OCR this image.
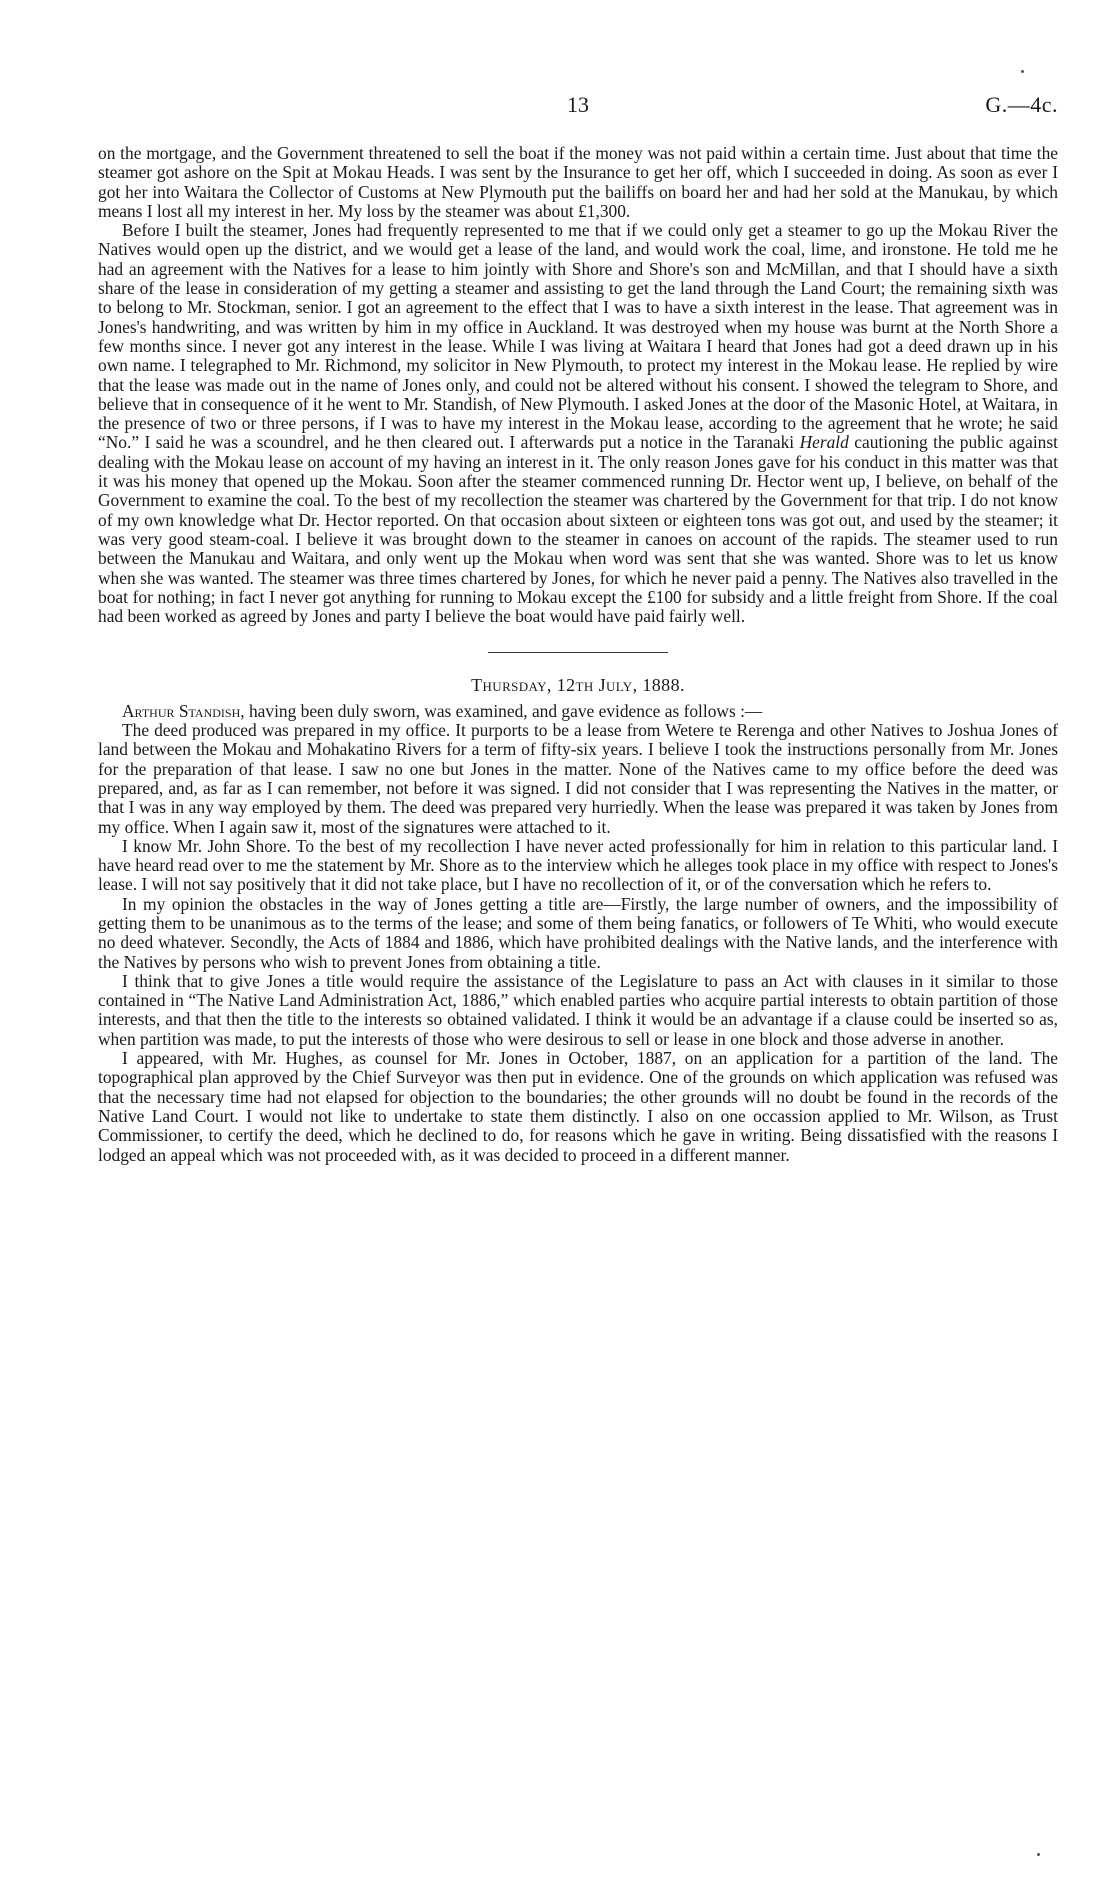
13	G.—4c.

on the mortgage, and the Government threatened to sell the boat if the money was not paid within a certain time. Just about that time the steamer got ashore on the Spit at Mokau Heads. I was sent by the Insurance to get her off, which I succeeded in doing. As soon as ever I got her into Waitara the Collector of Customs at New Plymouth put the bailiffs on board her and had her sold at the Manukau, by which means I lost all my interest in her. My loss by the steamer was about £1,300.

Before I built the steamer, Jones had frequently represented to me that if we could only get a steamer to go up the Mokau River the Natives would open up the district, and we would get a lease of the land, and would work the coal, lime, and ironstone. He told me he had an agreement with the Natives for a lease to him jointly with Shore and Shore's son and McMillan, and that I should have a sixth share of the lease in consideration of my getting a steamer and assisting to get the land through the Land Court; the remaining sixth was to belong to Mr. Stockman, senior. I got an agreement to the effect that I was to have a sixth interest in the lease. That agreement was in Jones's handwriting, and was written by him in my office in Auckland. It was destroyed when my house was burnt at the North Shore a few months since. I never got any interest in the lease. While I was living at Waitara I heard that Jones had got a deed drawn up in his own name. I telegraphed to Mr. Richmond, my solicitor in New Plymouth, to protect my interest in the Mokau lease. He replied by wire that the lease was made out in the name of Jones only, and could not be altered without his consent. I showed the telegram to Shore, and believe that in consequence of it he went to Mr. Standish, of New Plymouth. I asked Jones at the door of the Masonic Hotel, at Waitara, in the presence of two or three persons, if I was to have my interest in the Mokau lease, according to the agreement that he wrote; he said “No.” I said he was a scoundrel, and he then cleared out. I afterwards put a notice in the Taranaki Herald cautioning the public against dealing with the Mokau lease on account of my having an interest in it. The only reason Jones gave for his conduct in this matter was that it was his money that opened up the Mokau. Soon after the steamer commenced running Dr. Hector went up, I believe, on behalf of the Government to examine the coal. To the best of my recollection the steamer was chartered by the Government for that trip. I do not know of my own knowledge what Dr. Hector reported. On that occasion about sixteen or eighteen tons was got out, and used by the steamer; it was very good steam-coal. I believe it was brought down to the steamer in canoes on account of the rapids. The steamer used to run between the Manukau and Waitara, and only went up the Mokau when word was sent that she was wanted. Shore was to let us know when she was wanted. The steamer was three times chartered by Jones, for which he never paid a penny. The Natives also travelled in the boat for nothing; in fact I never got anything for running to Mokau except the £100 for subsidy and a little freight from Shore. If the coal had been worked as agreed by Jones and party I believe the boat would have paid fairly well.

Thursday, 12th July, 1888.

Arthur Standish, having been duly sworn, was examined, and gave evidence as follows :—

The deed produced was prepared in my office. It purports to be a lease from Wetere te Rerenga and other Natives to Joshua Jones of land between the Mokau and Mohakatino Rivers for a term of fifty-six years. I believe I took the instructions personally from Mr. Jones for the preparation of that lease. I saw no one but Jones in the matter. None of the Natives came to my office before the deed was prepared, and, as far as I can remember, not before it was signed. I did not consider that I was representing the Natives in the matter, or that I was in any way employed by them. The deed was prepared very hurriedly. When the lease was prepared it was taken by Jones from my office. When I again saw it, most of the signatures were attached to it.

I know Mr. John Shore. To the best of my recollection I have never acted professionally for him in relation to this particular land. I have heard read over to me the statement by Mr. Shore as to the interview which he alleges took place in my office with respect to Jones's lease. I will not say positively that it did not take place, but I have no recollection of it, or of the conversation which he refers to.

In my opinion the obstacles in the way of Jones getting a title are—Firstly, the large number of owners, and the impossibility of getting them to be unanimous as to the terms of the lease; and some of them being fanatics, or followers of Te Whiti, who would execute no deed whatever. Secondly, the Acts of 1884 and 1886, which have prohibited dealings with the Native lands, and the interference with the Natives by persons who wish to prevent Jones from obtaining a title.

I think that to give Jones a title would require the assistance of the Legislature to pass an Act with clauses in it similar to those contained in “The Native Land Administration Act, 1886,” which enabled parties who acquire partial interests to obtain partition of those interests, and that then the title to the interests so obtained validated. I think it would be an advantage if a clause could be inserted so as, when partition was made, to put the interests of those who were desirous to sell or lease in one block and those adverse in another.

I appeared, with Mr. Hughes, as counsel for Mr. Jones in October, 1887, on an application for a partition of the land. The topographical plan approved by the Chief Surveyor was then put in evidence. One of the grounds on which application was refused was that the necessary time had not elapsed for objection to the boundaries; the other grounds will no doubt be found in the records of the Native Land Court. I would not like to undertake to state them distinctly. I also on one occassion applied to Mr. Wilson, as Trust Commissioner, to certify the deed, which he declined to do, for reasons which he gave in writing. Being dissatisfied with the reasons I lodged an appeal which was not proceeded with, as it was decided to proceed in a different manner.
